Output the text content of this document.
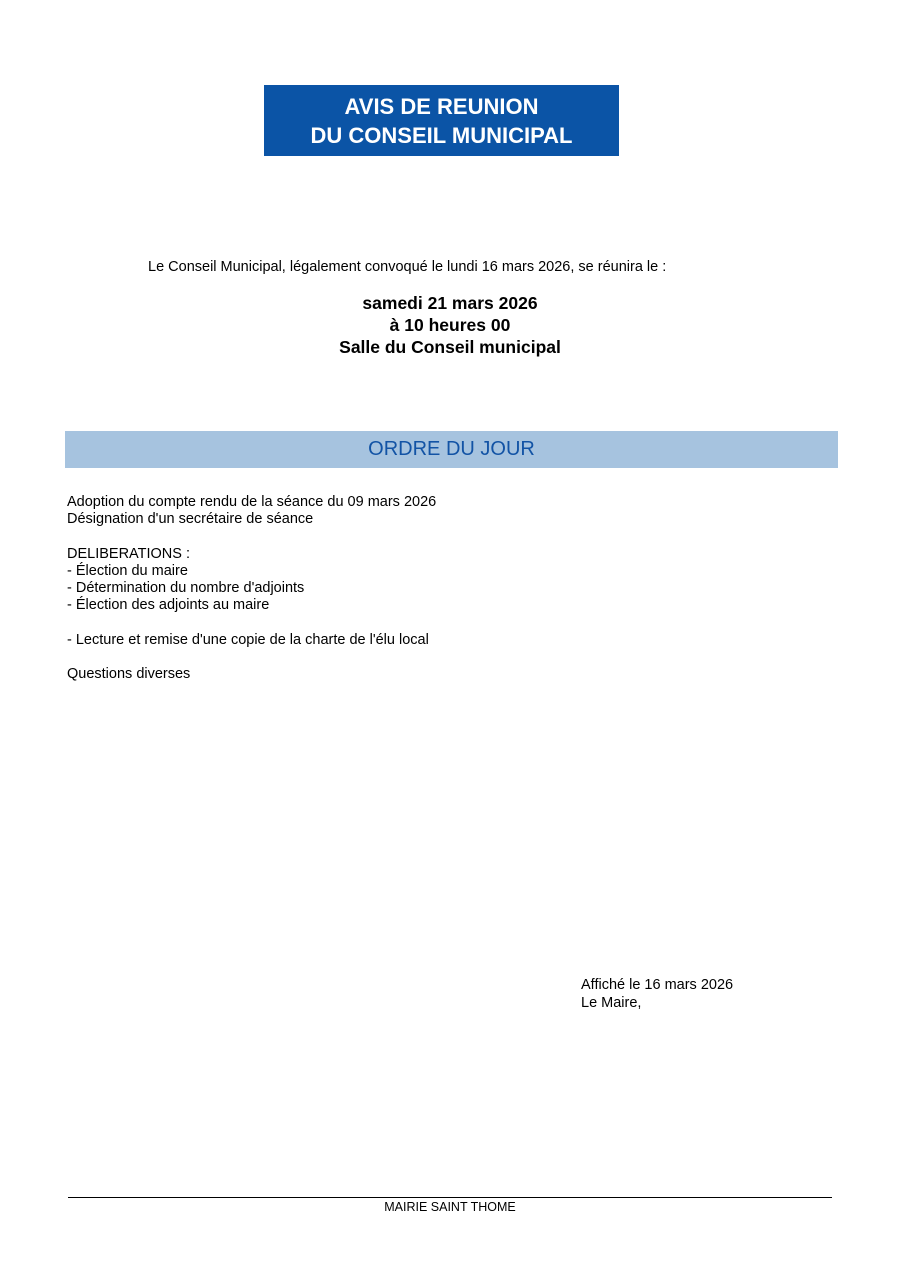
AVIS DE REUNION
DU CONSEIL MUNICIPAL
Le Conseil Municipal, légalement convoqué le lundi 16 mars 2026, se réunira le :
samedi 21 mars 2026
à 10 heures 00
Salle du Conseil municipal
ORDRE DU JOUR
Adoption du compte rendu de la séance du 09 mars 2026
Désignation d'un secrétaire de séance
DELIBERATIONS :
- Élection du maire
- Détermination du nombre d'adjoints
- Élection des adjoints au maire
- Lecture et remise d'une copie de la charte de l'élu local
Questions diverses
Affiché le 16 mars 2026
Le Maire,
MAIRIE SAINT THOME
